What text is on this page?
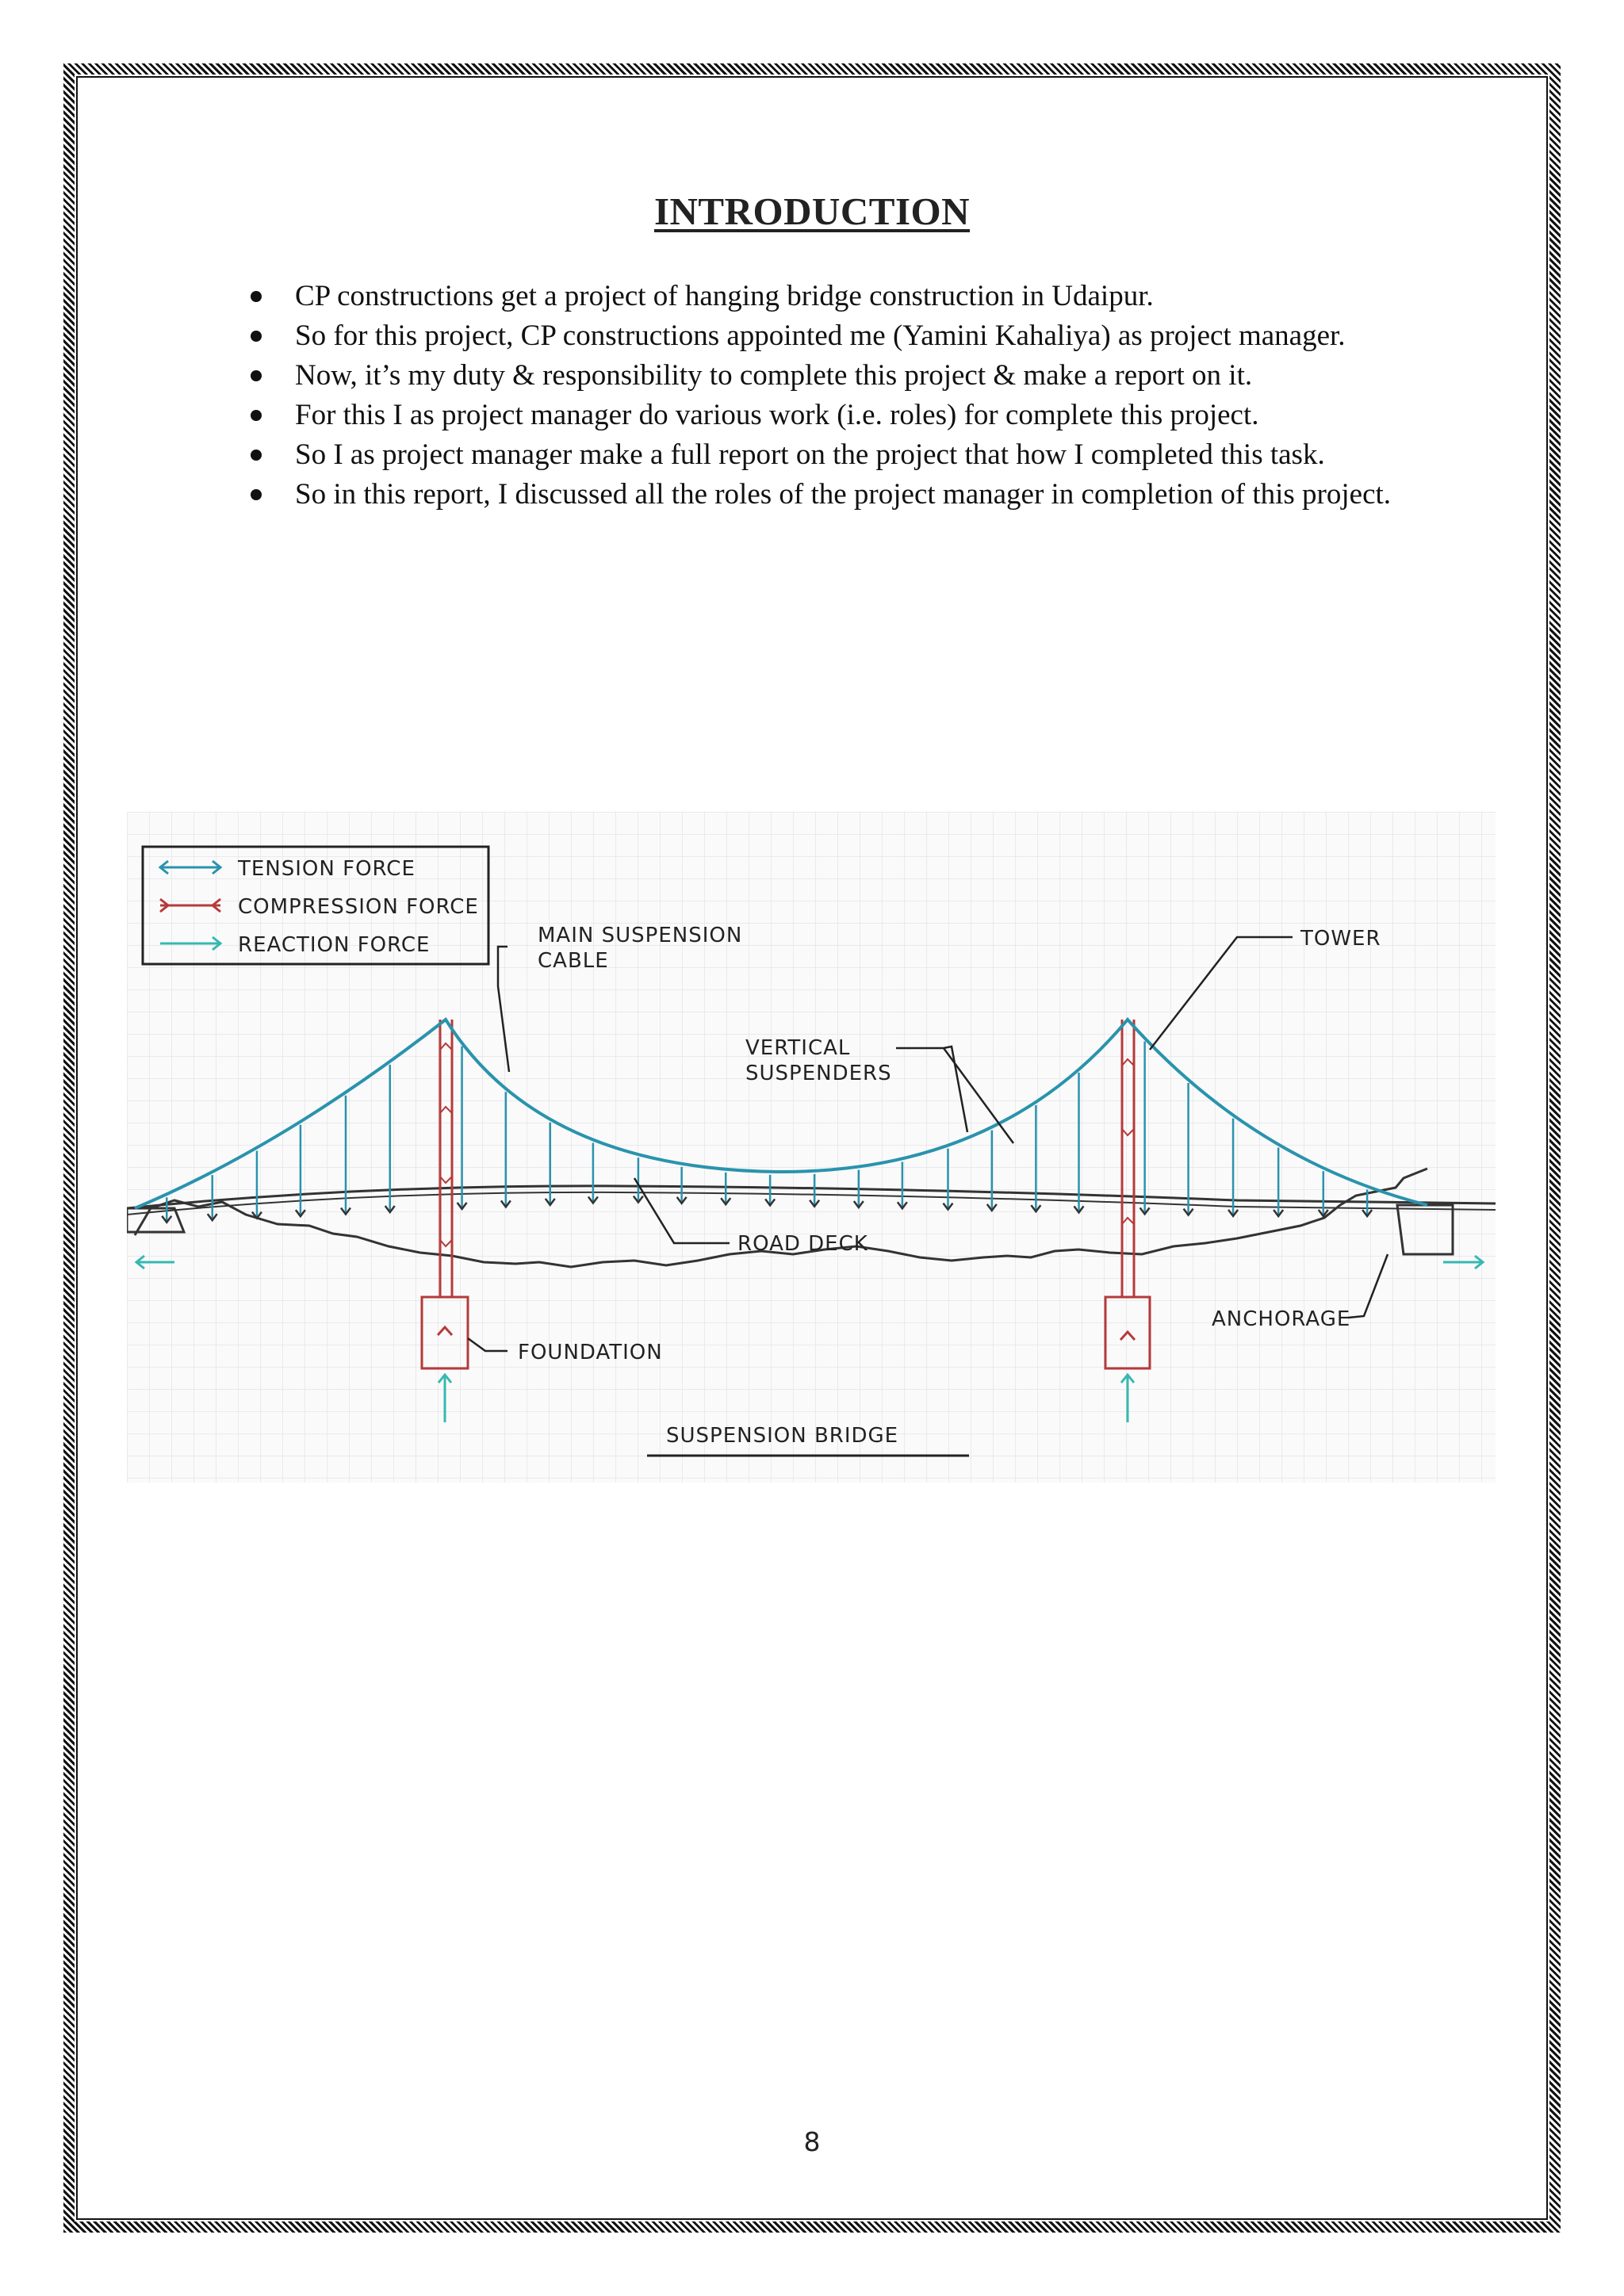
INTRODUCTION
CP constructions get a project of hanging bridge construction in Udaipur.
So for this project, CP constructions appointed me (Yamini Kahaliya) as project manager.
Now, it’s my duty & responsibility to complete this project & make a report on it.
For this I as project manager do various work (i.e. roles) for complete this project.
So I as project manager make a full report on the project that how I completed this task.
So in this report, I discussed all the roles of the project manager in completion of this project.
TENSION FORCE
COMPRESSION FORCE
REACTION FORCE	MAIN SUSPENSION
CABLE
TOWER
VERTICAL
SUSPENDERS
ROAD DECK
FOUNDATION
ANCHORAGE
SUSPENSION BRIDGE
8
